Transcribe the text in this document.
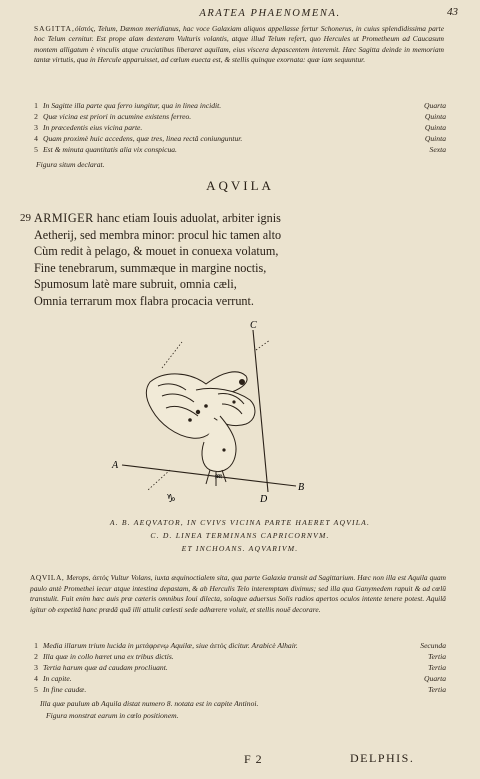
ARATEA PHAENOMENA.	43
SAGITTA,ὀϊστός, Telum, Dæmon meridianus, hac voce Galaxiam aliquos appellasse fertur Schonerus, in cuius splendidissima parte hoc Telum cernitur. Est prope alam dexteram Vulturis volantis, atque illud Telum refert, quo Hercules ut Prometheum ad Caucasum montem alligatum è vinculis atque cruciatibus liberaret aquilam, eius viscera depascentem interemit. Hæc Sagitta deinde in memoriam tantæ virtutis, qua in Hercule apparuisset, ad cœlum euecta est, & stellis quinque exornata: quæ iam sequuntur.
1 In Sagitte illa parte qua ferro iungitur, qua in linea incidit.	Quarta
2 Quæ vicina est priori in acumine existens ferreo.	Quinta
3 In præcedentis eius vicina parte.	Quinta
4 Quam proximè huic accedens, quæ tres, linea rectâ coniunguntur.	Quinta
5 Est & minuta quantitatis alia vix conspicua.	Sexta
Figura situm declarat.
AQVILA
29 ARMIGER hanc etiam Iouis aduolat, arbiter ignis
Aetherij, sed membra minor: procul hic tamen alto
Cùm redit à pelago, & mouet in conuexa volatum,
Fine tenebrarum, summæque in margine noctis,
Spumosum latè mare subruit, omnia cæli,
Omnia terrarum mox flabra procacia verrunt.
A
B
C
D
♑
♒
A. B. AEQVATOR, IN CVIVS VICINA PARTE HAERET AQVILA.
C. D. LINEA TERMINANS CAPRICORNVM.
ET INCHOANS. AQVARIVM.
AQVILA, Merops, ἀετὸς Vultur Volans, iuxta æquinoctialem sita, qua parte Galaxia transit ad Sagittarium. Hæc non illa est Aquila quam paulo antè Promethei iecur atque intestina depastam, & ab Herculis Telo interemptam diximus; sed illa qua Ganymedem rapuit & ad cœlū transtulit. Fuit enim hæc auis præ cæteris omnibus Ioui dilecta, solaque aduersus Solis radios apertos oculos intente tenere potest. Aquilâ igitur ob expetitâ hanc prædâ quā illi attulit cœlesti sede adhærere voluit, et stellis nouē decorare.
1 Media illarum trium lucida in μετάφρενῳ Aquilæ, siue ἀετὸς dicitur. Arabicè Alhair.	Secunda
2 Illa quæ in collo hæret una ex tribus dictis.	Tertia
3 Tertia harum quæ ad caudam procliuant.	Tertia
4 In capite.	Quarta
5 In fine caudæ.	Tertia
Illa quæ paulum ab Aquila distat numero 8. notata est in capite Antinoi.
Figura monstrat earum in cœlo positionem.
F 2	DELPHIS.
